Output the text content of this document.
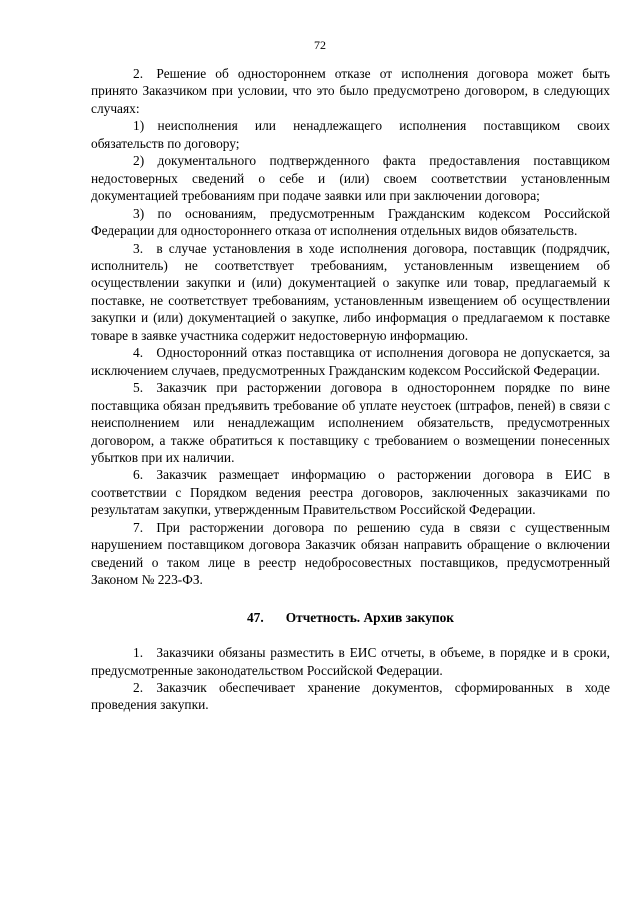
72

2. Решение об одностороннем отказе от исполнения договора может быть принято Заказчиком при условии, что это было предусмотрено договором, в следующих случаях:

1) неисполнения или ненадлежащего исполнения поставщиком своих обязательств по договору;

2) документального подтвержденного факта предоставления поставщиком недостоверных сведений о себе и (или) своем соответствии установленным документацией требованиям при подаче заявки или при заключении договора;

3) по основаниям, предусмотренным Гражданским кодексом Российской Федерации для одностороннего отказа от исполнения отдельных видов обязательств.

3. в случае установления в ходе исполнения договора, поставщик (подрядчик, исполнитель) не соответствует требованиям, установленным извещением об осуществлении закупки и (или) документацией о закупке или товар, предлагаемый к поставке, не соответствует требованиям, установленным извещением об осуществлении закупки и (или) документацией о закупке, либо информация о предлагаемом к поставке товаре в заявке участника содержит недостоверную информацию.

4. Односторонний отказ поставщика от исполнения договора не допускается, за исключением случаев, предусмотренных Гражданским кодексом Российской Федерации.

5. Заказчик при расторжении договора в одностороннем порядке по вине поставщика обязан предъявить требование об уплате неустоек (штрафов, пеней) в связи с неисполнением или ненадлежащим исполнением обязательств, предусмотренных договором, а также обратиться к поставщику с требованием о возмещении понесенных убытков при их наличии.

6. Заказчик размещает информацию о расторжении договора в ЕИС в соответствии с Порядком ведения реестра договоров, заключенных заказчиками по результатам закупки, утвержденным Правительством Российской Федерации.

7. При расторжении договора по решению суда в связи с существенным нарушением поставщиком договора Заказчик обязан направить обращение о включении сведений о таком лице в реестр недобросовестных поставщиков, предусмотренный Законом № 223-ФЗ.

47. Отчетность. Архив закупок

1. Заказчики обязаны разместить в ЕИС отчеты, в объеме, в порядке и в сроки, предусмотренные законодательством Российской Федерации.

2. Заказчик обеспечивает хранение документов, сформированных в ходе проведения закупки.
